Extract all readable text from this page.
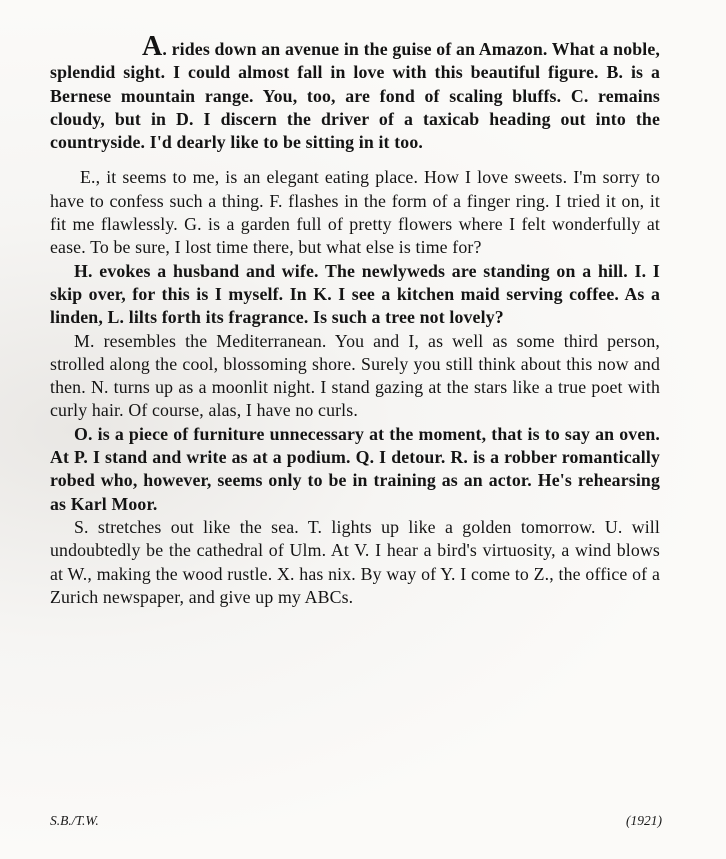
A. rides down an avenue in the guise of an Amazon. What a noble, splendid sight. I could almost fall in love with this beautiful figure. B. is a Bernese mountain range. You, too, are fond of scaling bluffs. C. remains cloudy, but in D. I discern the driver of a taxicab heading out into the countryside. I'd dearly like to be sitting in it too.

E., it seems to me, is an elegant eating place. How I love sweets. I'm sorry to have to confess such a thing. F. flashes in the form of a finger ring. I tried it on, it fit me flawlessly. G. is a garden full of pretty flowers where I felt wonderfully at ease. To be sure, I lost time there, but what else is time for?

H. evokes a husband and wife. The newlyweds are standing on a hill. I. I skip over, for this is I myself. In K. I see a kitchen maid serving coffee. As a linden, L. lilts forth its fragrance. Is such a tree not lovely?

M. resembles the Mediterranean. You and I, as well as some third person, strolled along the cool, blossoming shore. Surely you still think about this now and then. N. turns up as a moonlit night. I stand gazing at the stars like a true poet with curly hair. Of course, alas, I have no curls.

O. is a piece of furniture unnecessary at the moment, that is to say an oven. At P. I stand and write as at a podium. Q. I detour. R. is a robber romantically robed who, however, seems only to be in training as an actor. He's rehearsing as Karl Moor.

S. stretches out like the sea. T. lights up like a golden tomorrow. U. will undoubtedly be the cathedral of Ulm. At V. I hear a bird's virtuosity, a wind blows at W., making the wood rustle. X. has nix. By way of Y. I come to Z., the office of a Zurich newspaper, and give up my ABCs.

S.B./T.W.	(1921)
